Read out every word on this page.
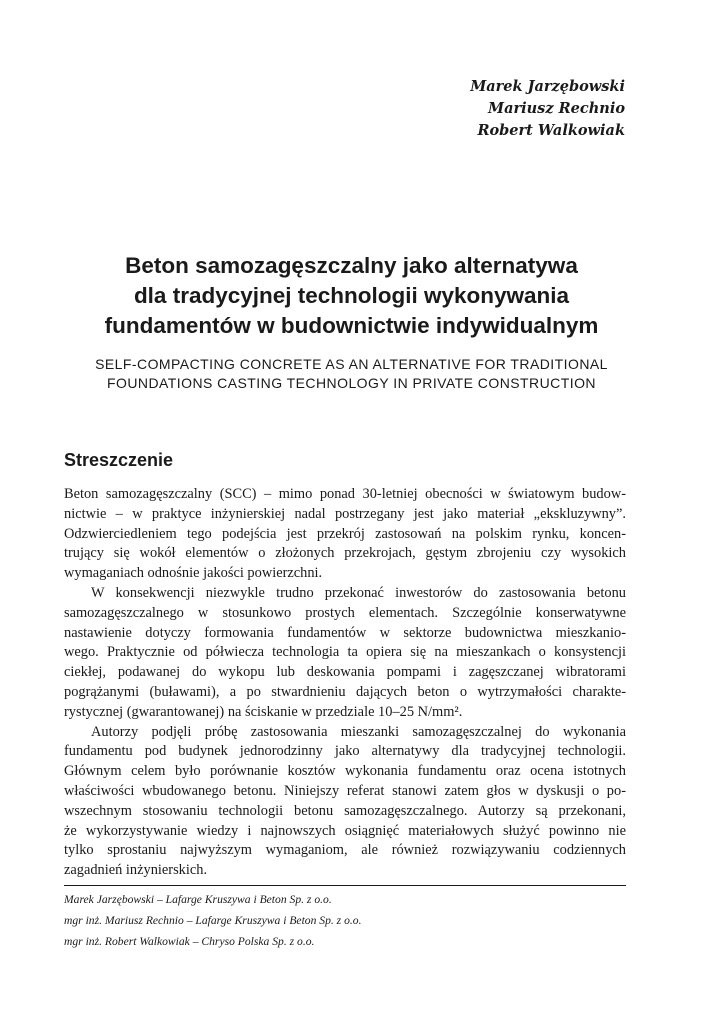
Marek Jarzębowski
Mariusz Rechnio
Robert Walkowiak
Beton samozagęszczalny jako alternatywa
dla tradycyjnej technologii wykonywania
fundamentów w budownictwie indywidualnym
SELF-COMPACTING CONCRETE AS AN ALTERNATIVE FOR TRADITIONAL
FOUNDATIONS CASTING TECHNOLOGY IN PRIVATE CONSTRUCTION
Streszczenie
Beton samozagęszczalny (SCC) – mimo ponad 30-letniej obecności w światowym budow-
nictwie – w praktyce inżynierskiej nadal postrzegany jest jako materiał „ekskluzywny”.
Odzwierciedleniem tego podejścia jest przekrój zastosowań na polskim rynku, koncen-
trujący się wokół elementów o złożonych przekrojach, gęstym zbrojeniu czy wysokich
wymaganiach odnośnie jakości powierzchni.
W konsekwencji niezwykle trudno przekonać inwestorów do zastosowania betonu
samozagęszczalnego w stosunkowo prostych elementach. Szczególnie konserwatywne
nastawienie dotyczy formowania fundamentów w sektorze budownictwa mieszkanio-
wego. Praktycznie od półwiecza technologia ta opiera się na mieszankach o konsystencji
ciekłej, podawanej do wykopu lub deskowania pompami i zagęszczanej wibratorami
pogrążanymi (buławami), a po stwardnieniu dających beton o wytrzymałości charakte-
rystycznej (gwarantowanej) na ściskanie w przedziale 10–25 N/mm².
Autorzy podjęli próbę zastosowania mieszanki samozagęszczalnej do wykonania
fundamentu pod budynek jednorodzinny jako alternatywy dla tradycyjnej technologii.
Głównym celem było porównanie kosztów wykonania fundamentu oraz ocena istotnych
właściwości wbudowanego betonu. Niniejszy referat stanowi zatem głos w dyskusji o po-
wszechnym stosowaniu technologii betonu samozagęszczalnego. Autorzy są przekonani,
że wykorzystywanie wiedzy i najnowszych osiągnięć materiałowych służyć powinno nie
tylko sprostaniu najwyższym wymaganiom, ale również rozwiązywaniu codziennych
zagadnień inżynierskich.
Marek Jarzębowski – Lafarge Kruszywa i Beton Sp. z o.o.
mgr inż. Mariusz Rechnio – Lafarge Kruszywa i Beton Sp. z o.o.
mgr inż. Robert Walkowiak – Chryso Polska Sp. z o.o.
